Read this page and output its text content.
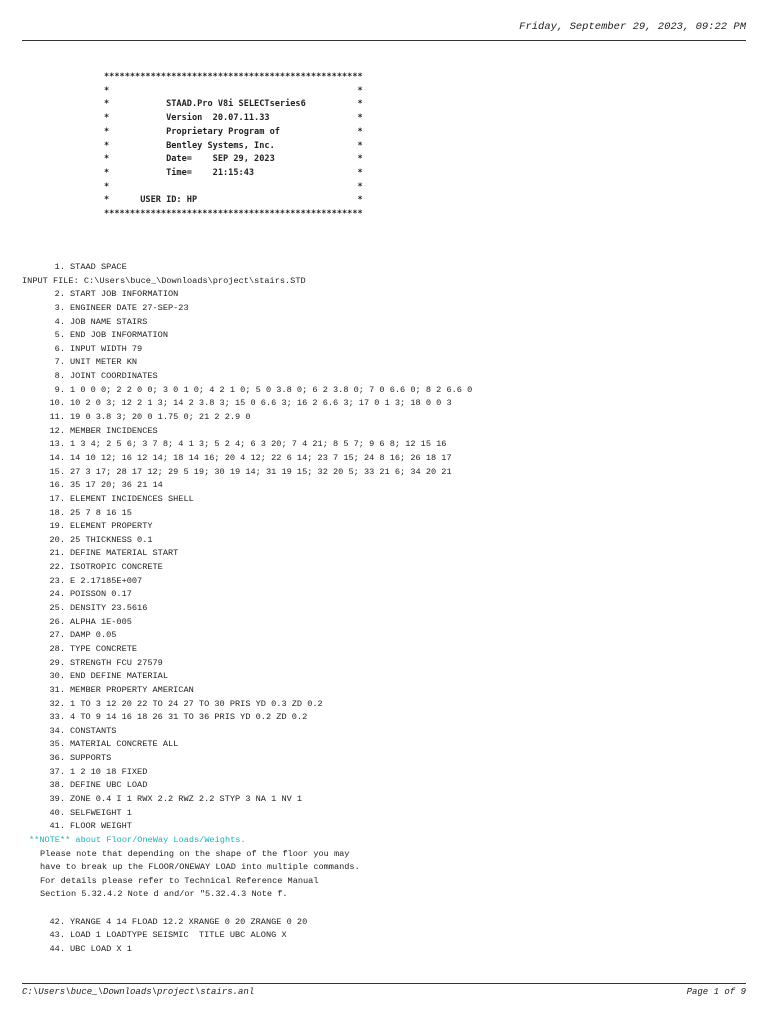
Friday, September 29, 2023, 09:22 PM
**************************************************
*                                                *
*           STAAD.Pro V8i SELECTseries6          *
*           Version  20.07.11.33                 *
*           Proprietary Program of               *
*           Bentley Systems, Inc.                *
*           Date=    SEP 29, 2023                *
*           Time=    21:15:43                    *
*                                                *
*      USER ID: HP                               *
**************************************************
1. STAAD SPACE
INPUT FILE: C:\Users\buce_\Downloads\project\stairs.STD
2. START JOB INFORMATION
3. ENGINEER DATE 27-SEP-23
4. JOB NAME STAIRS
5. END JOB INFORMATION
6. INPUT WIDTH 79
7. UNIT METER KN
8. JOINT COORDINATES
9. 1 0 0 0; 2 2 0 0; 3 0 1 0; 4 2 1 0; 5 0 3.8 0; 6 2 3.8 0; 7 0 6.6 0; 8 2 6.6 0
10. 10 2 0 3; 12 2 1 3; 14 2 3.8 3; 15 0 6.6 3; 16 2 6.6 3; 17 0 1 3; 18 0 0 3
11. 19 0 3.8 3; 20 0 1.75 0; 21 2 2.9 0
12. MEMBER INCIDENCES
13. 1 3 4; 2 5 6; 3 7 8; 4 1 3; 5 2 4; 6 3 20; 7 4 21; 8 5 7; 9 6 8; 12 15 16
14. 14 10 12; 16 12 14; 18 14 16; 20 4 12; 22 6 14; 23 7 15; 24 8 16; 26 18 17
15. 27 3 17; 28 17 12; 29 5 19; 30 19 14; 31 19 15; 32 20 5; 33 21 6; 34 20 21
16. 35 17 20; 36 21 14
17. ELEMENT INCIDENCES SHELL
18. 25 7 8 16 15
19. ELEMENT PROPERTY
20. 25 THICKNESS 0.1
21. DEFINE MATERIAL START
22. ISOTROPIC CONCRETE
23. E 2.17185E+007
24. POISSON 0.17
25. DENSITY 23.5616
26. ALPHA 1E-005
27. DAMP 0.05
28. TYPE CONCRETE
29. STRENGTH FCU 27579
30. END DEFINE MATERIAL
31. MEMBER PROPERTY AMERICAN
32. 1 TO 3 12 20 22 TO 24 27 TO 30 PRIS YD 0.3 ZD 0.2
33. 4 TO 9 14 16 18 26 31 TO 36 PRIS YD 0.2 ZD 0.2
34. CONSTANTS
35. MATERIAL CONCRETE ALL
36. SUPPORTS
37. 1 2 10 18 FIXED
38. DEFINE UBC LOAD
39. ZONE 0.4 I 1 RWX 2.2 RWZ 2.2 STYP 3 NA 1 NV 1
40. SELFWEIGHT 1
41. FLOOR WEIGHT
**NOTE** about Floor/OneWay Loads/Weights.
Please note that depending on the shape of the floor you may
have to break up the FLOOR/ONEWAY LOAD into multiple commands.
For details please refer to Technical Reference Manual
Section 5.32.4.2 Note d and/or "5.32.4.3 Note f.
42. YRANGE 4 14 FLOAD 12.2 XRANGE 0 20 ZRANGE 0 20
43. LOAD 1 LOADTYPE SEISMIC  TITLE UBC ALONG X
44. UBC LOAD X 1
C:\Users\buce_\Downloads\project\stairs.anl	Page 1 of 9
